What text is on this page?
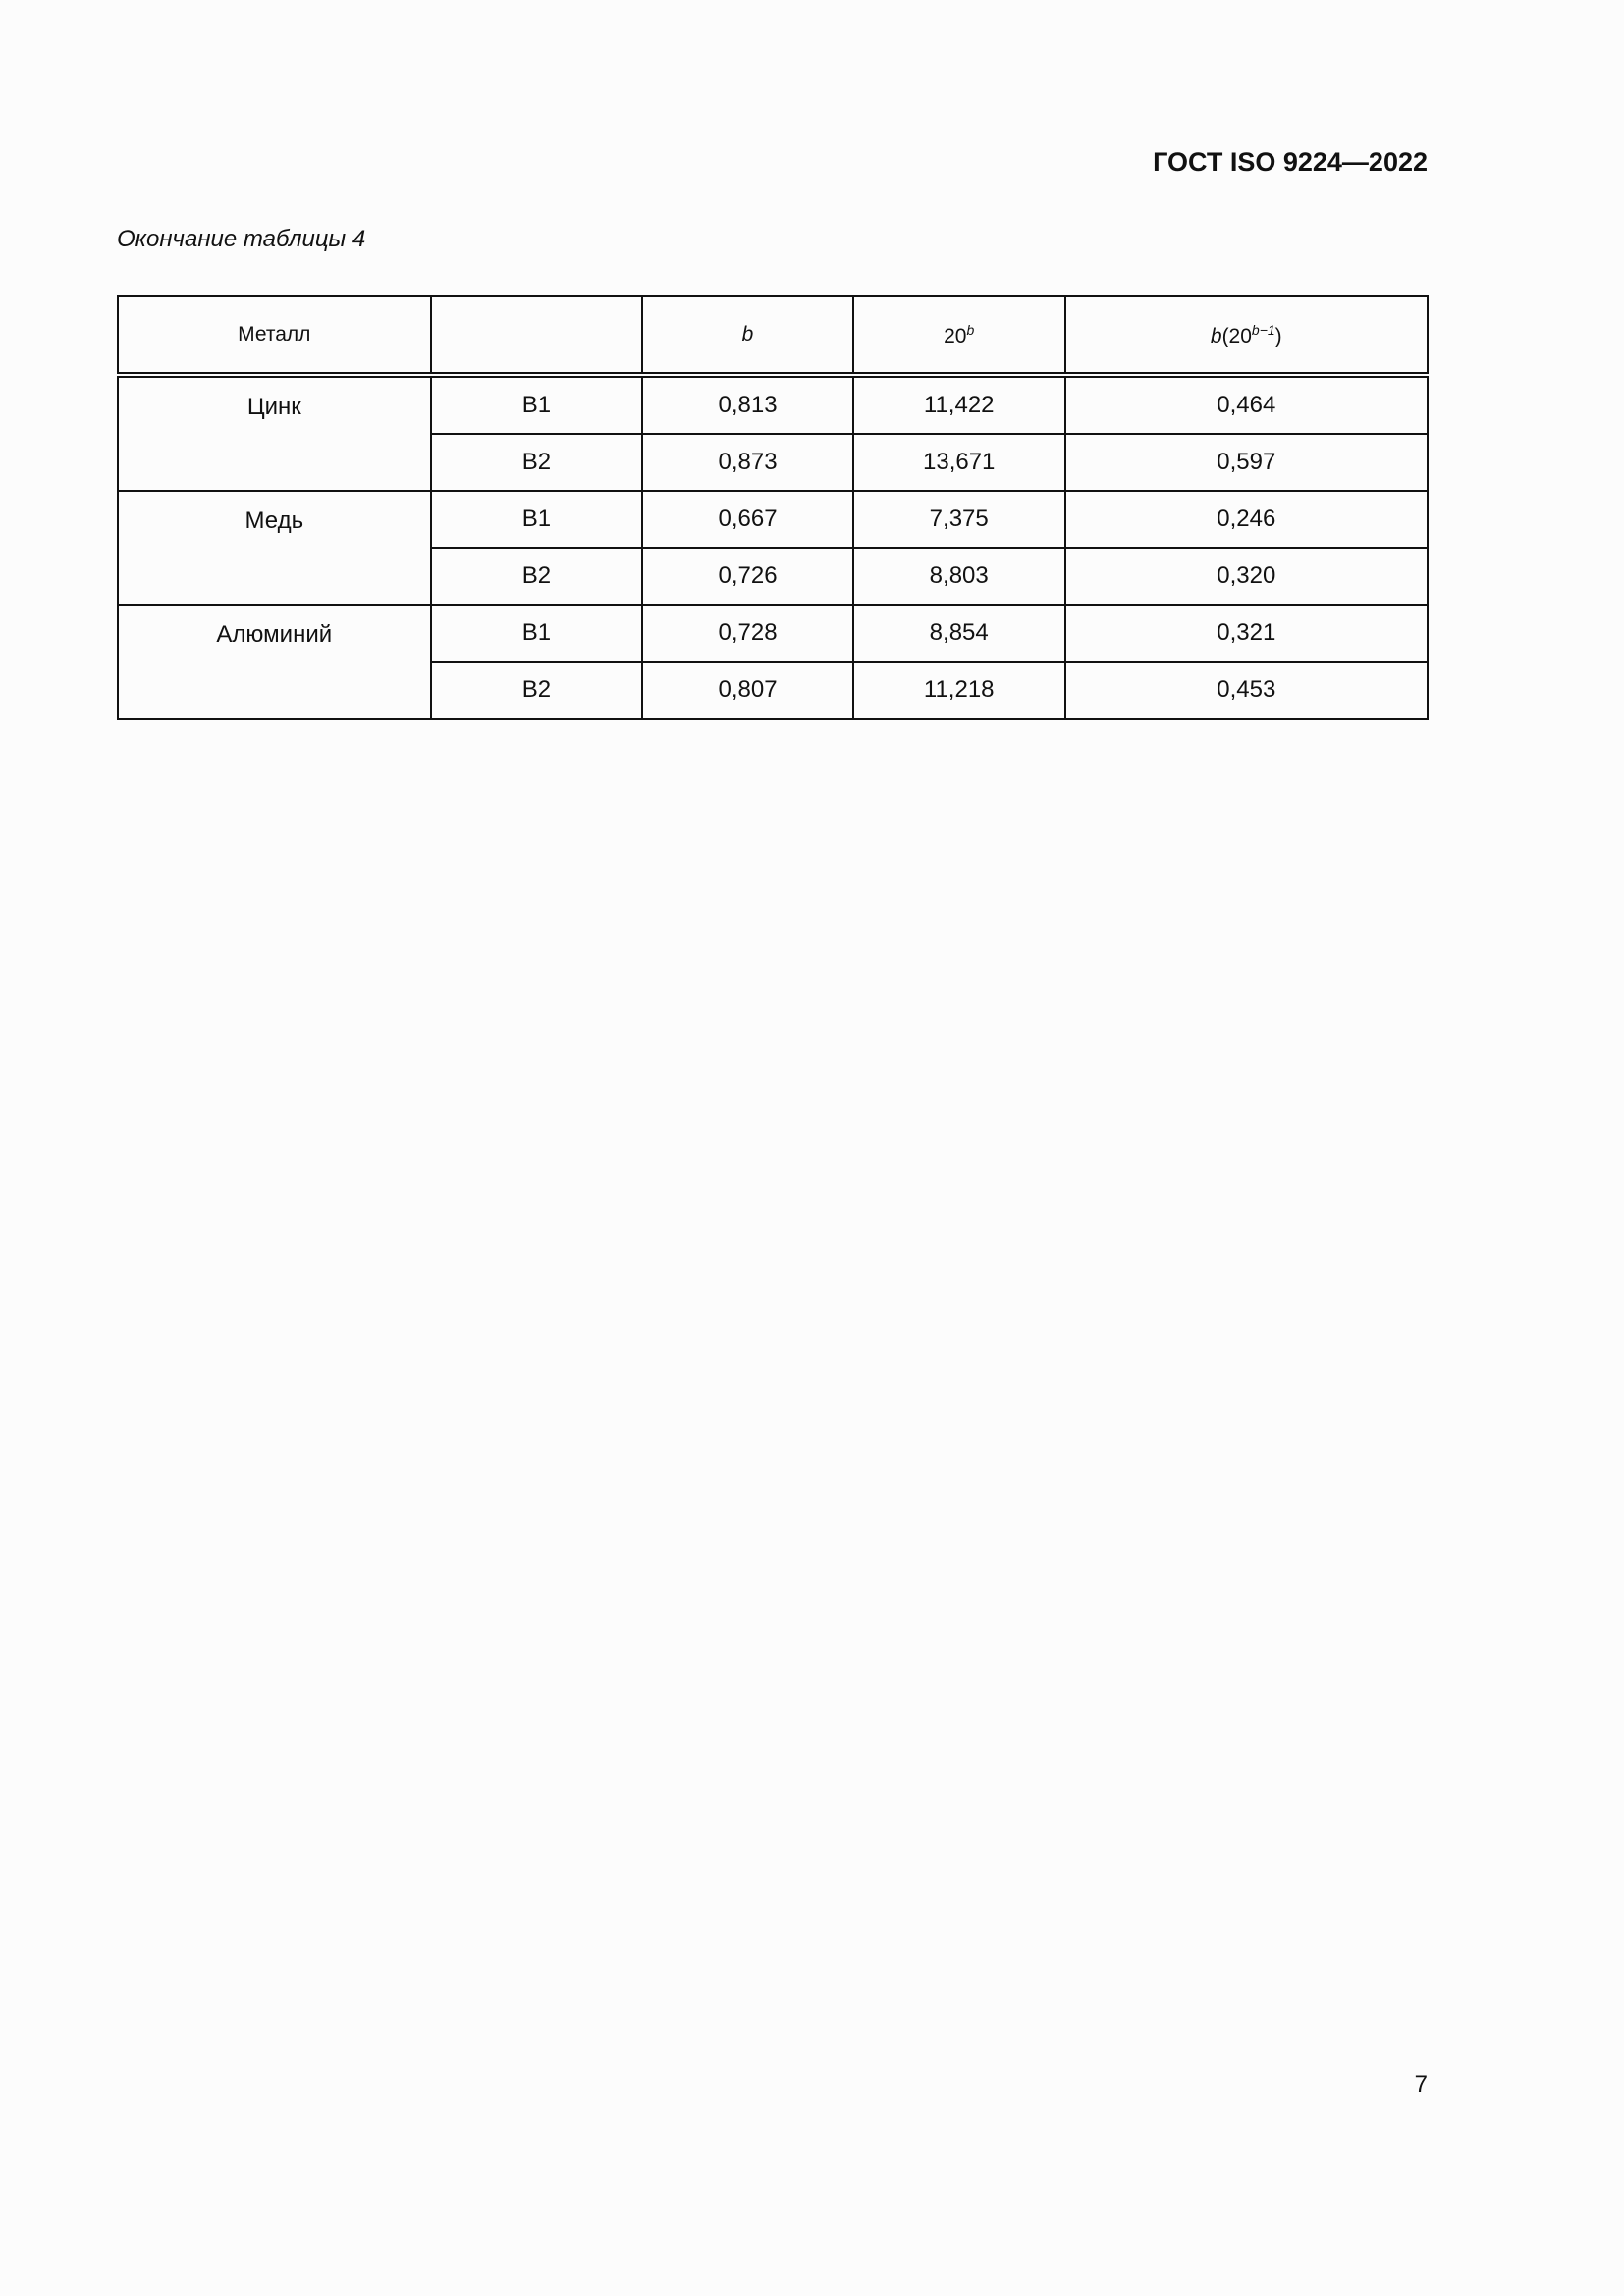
ГОСТ ISO 9224—2022
Окончание таблицы 4
Металл		b	20$^b$	$b(20^{b-1})$
Цинк	B1	0,813	11,422	0,464
	B2	0,873	13,671	0,597
Медь	B1	0,667	7,375	0,246
	B2	0,726	8,803	0,320
Алюминий	B1	0,728	8,854	0,321
	B2	0,807	11,218	0,453
7
